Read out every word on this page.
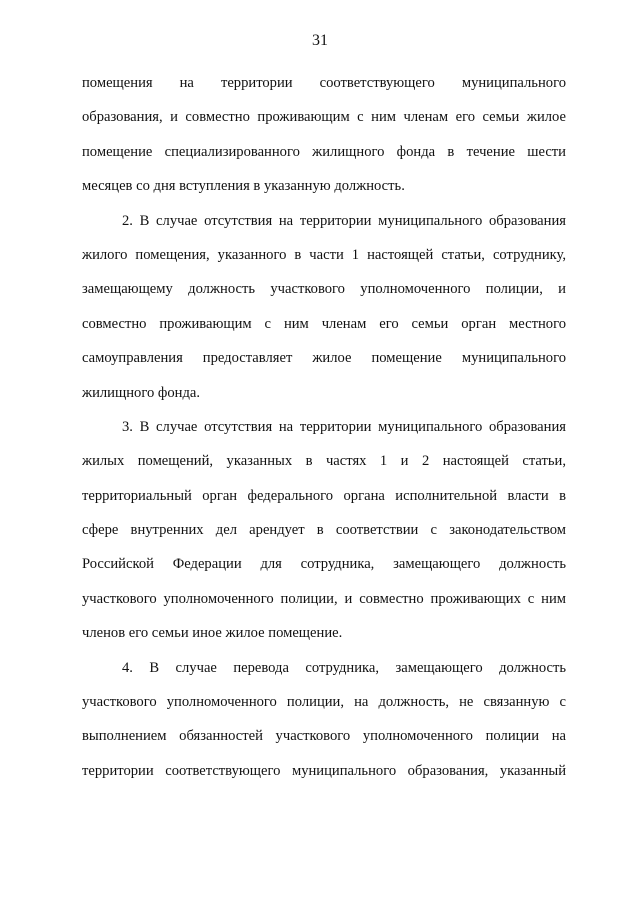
31
помещения на территории соответствующего муниципального
образования, и совместно проживающим с ним членам его семьи жилое
помещение специализированного жилищного фонда в течение шести
месяцев со дня вступления в указанную должность.
2. В случае отсутствия на территории муниципального образования
жилого помещения, указанного в части 1 настоящей статьи, сотруднику,
замещающему должность участкового уполномоченного полиции, и
совместно проживающим с ним членам его семьи орган местного
самоуправления предоставляет жилое помещение муниципального
жилищного фонда.
3. В случае отсутствия на территории муниципального образования
жилых помещений, указанных в частях 1 и 2 настоящей статьи,
территориальный орган федерального органа исполнительной власти в
сфере внутренних дел арендует в соответствии с законодательством
Российской Федерации для сотрудника, замещающего должность
участкового уполномоченного полиции, и совместно проживающих с ним
членов его семьи иное жилое помещение.
4. В случае перевода сотрудника, замещающего должность
участкового уполномоченного полиции, на должность, не связанную с
выполнением обязанностей участкового уполномоченного полиции на
территории соответствующего муниципального образования, указанный
